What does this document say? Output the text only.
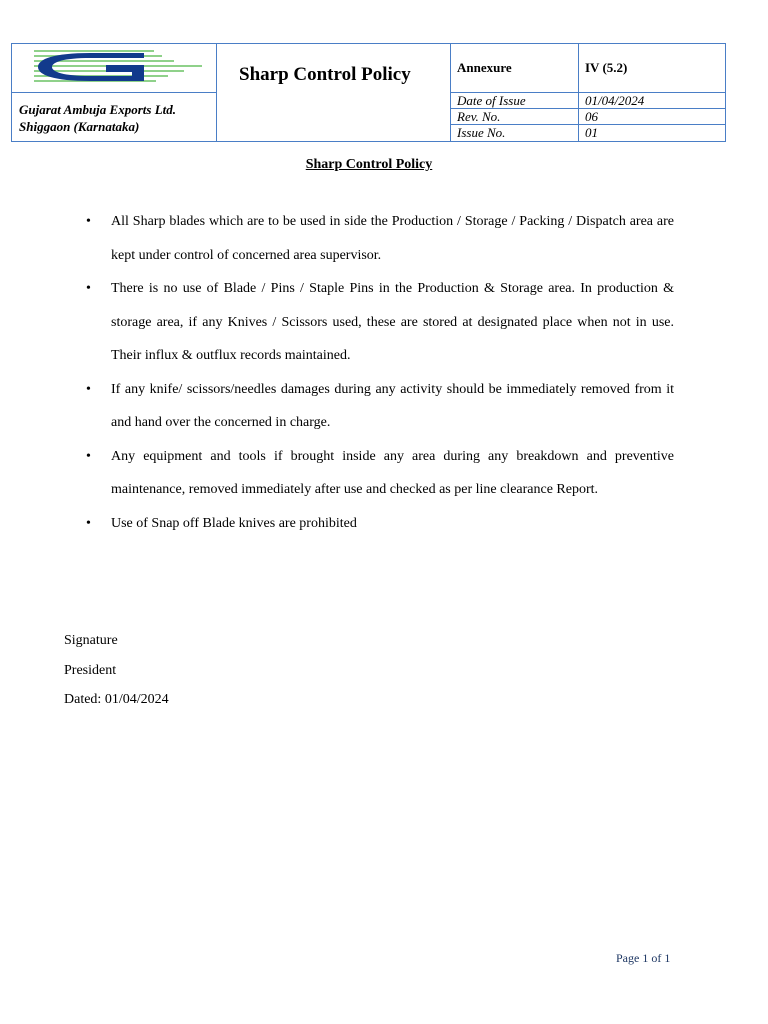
Gujarat Ambuja Exports Ltd.
Shiggaon (Karnataka)
Sharp Control Policy	Annexure	IV (5.2)
Date of Issue	01/04/2024
Rev. No.	06
Issue No.	01
Sharp Control Policy
• All Sharp blades which are to be used in side the Production / Storage / Packing / Dispatch area are kept under control of concerned area supervisor.
• There is no use of Blade / Pins / Staple Pins in the Production & Storage area. In production & storage area, if any Knives / Scissors used, these are stored at designated place when not in use. Their influx & outflux records maintained.
• If any knife/ scissors/needles damages during any activity should be immediately removed from it and hand over the concerned in charge.
• Any equipment and tools if brought inside any area during any breakdown and preventive maintenance, removed immediately after use and checked as per line clearance Report.
• Use of Snap off Blade knives are prohibited
Signature
President
Dated: 01/04/2024
Page 1 of 1
